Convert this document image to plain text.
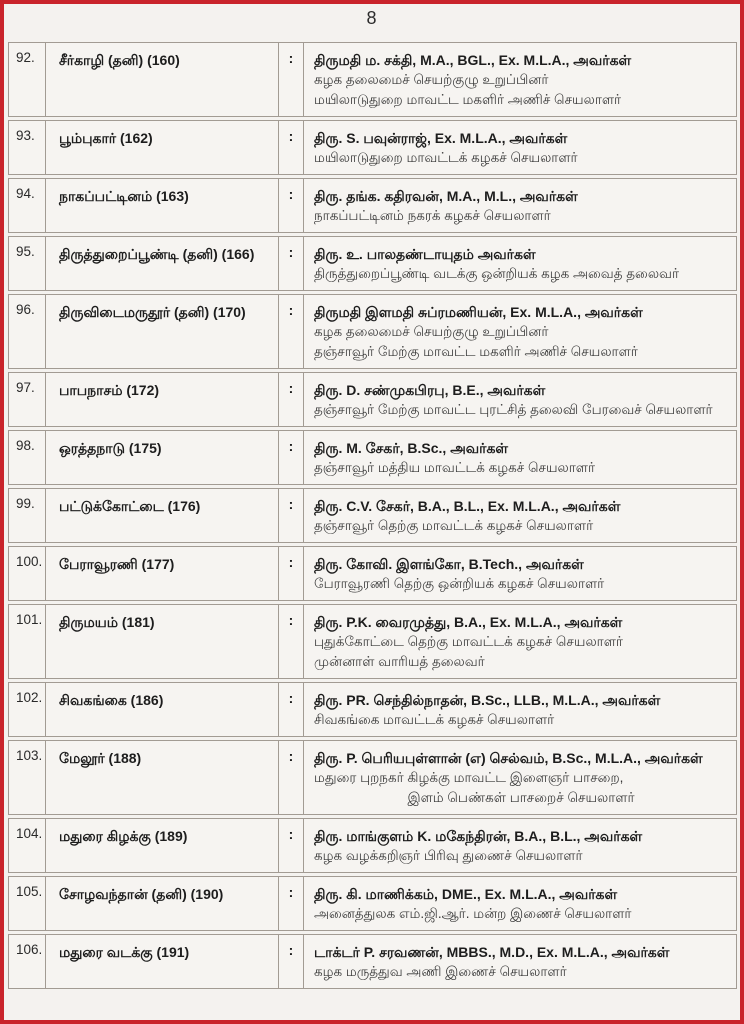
8
92.	சீர்காழி (தனி) (160)	:	திருமதி ம. சக்தி, M.A., BGL., Ex. M.L.A., அவர்கள்
கழக தலைமைச் செயற்குழு உறுப்பினர்
மயிலாடுதுறை மாவட்ட மகளிர் அணிச் செயலாளர்
93.	பூம்புகார் (162)	:	திரு. S. பவுன்ராஜ், Ex. M.L.A., அவர்கள்
மயிலாடுதுறை மாவட்டக் கழகச் செயலாளர்
94.	நாகப்பட்டினம் (163)	:	திரு. தங்க. கதிரவன், M.A., M.L., அவர்கள்
நாகப்பட்டினம் நகரக் கழகச் செயலாளர்
95.	திருத்துறைப்பூண்டி (தனி) (166)	:	திரு. உ. பாலதண்டாயுதம் அவர்கள்
திருத்துறைப்பூண்டி வடக்கு ஒன்றியக் கழக அவைத் தலைவர்
96.	திருவிடைமருதூர் (தனி) (170)	:	திருமதி இளமதி சுப்ரமணியன், Ex. M.L.A., அவர்கள்
கழக தலைமைச் செயற்குழு உறுப்பினர்
தஞ்சாவூர் மேற்கு மாவட்ட மகளிர் அணிச் செயலாளர்
97.	பாபநாசம் (172)	:	திரு. D. சண்முகபிரபு, B.E., அவர்கள்
தஞ்சாவூர் மேற்கு மாவட்ட புரட்சித் தலைவி பேரவைச் செயலாளர்
98.	ஒரத்தநாடு (175)	:	திரு. M. சேகர், B.Sc., அவர்கள்
தஞ்சாவூர் மத்திய மாவட்டக் கழகச் செயலாளர்
99.	பட்டுக்கோட்டை (176)	:	திரு. C.V. சேகர், B.A., B.L., Ex. M.L.A., அவர்கள்
தஞ்சாவூர் தெற்கு மாவட்டக் கழகச் செயலாளர்
100.	பேராவூரணி (177)	:	திரு. கோவி. இளங்கோ, B.Tech., அவர்கள்
பேராவூரணி தெற்கு ஒன்றியக் கழகச் செயலாளர்
101.	திருமயம் (181)	:	திரு. P.K. வைரமுத்து, B.A., Ex. M.L.A., அவர்கள்
புதுக்கோட்டை தெற்கு மாவட்டக் கழகச் செயலாளர்
முன்னாள் வாரியத் தலைவர்
102.	சிவகங்கை (186)	:	திரு. PR. செந்தில்நாதன், B.Sc., LLB., M.L.A., அவர்கள்
சிவகங்கை மாவட்டக் கழகச் செயலாளர்
103.	மேலூர் (188)	:	திரு. P. பெரியபுள்ளான் (எ) செல்வம், B.Sc., M.L.A., அவர்கள்
மதுரை புறநகர் கிழக்கு மாவட்ட இளைஞர் பாசறை,
இளம் பெண்கள் பாசறைச் செயலாளர்
104.	மதுரை கிழக்கு (189)	:	திரு. மாங்குளம் K. மகேந்திரன், B.A., B.L., அவர்கள்
கழக வழக்கறிஞர் பிரிவு துணைச் செயலாளர்
105.	சோழவந்தான் (தனி) (190)	:	திரு. கி. மாணிக்கம், DME., Ex. M.L.A., அவர்கள்
அனைத்துலக எம்.ஜி.ஆர். மன்ற இணைச் செயலாளர்
106.	மதுரை வடக்கு (191)	:	டாக்டர் P. சரவணன், MBBS., M.D., Ex. M.L.A., அவர்கள்
கழக மருத்துவ அணி இணைச் செயலாளர்
